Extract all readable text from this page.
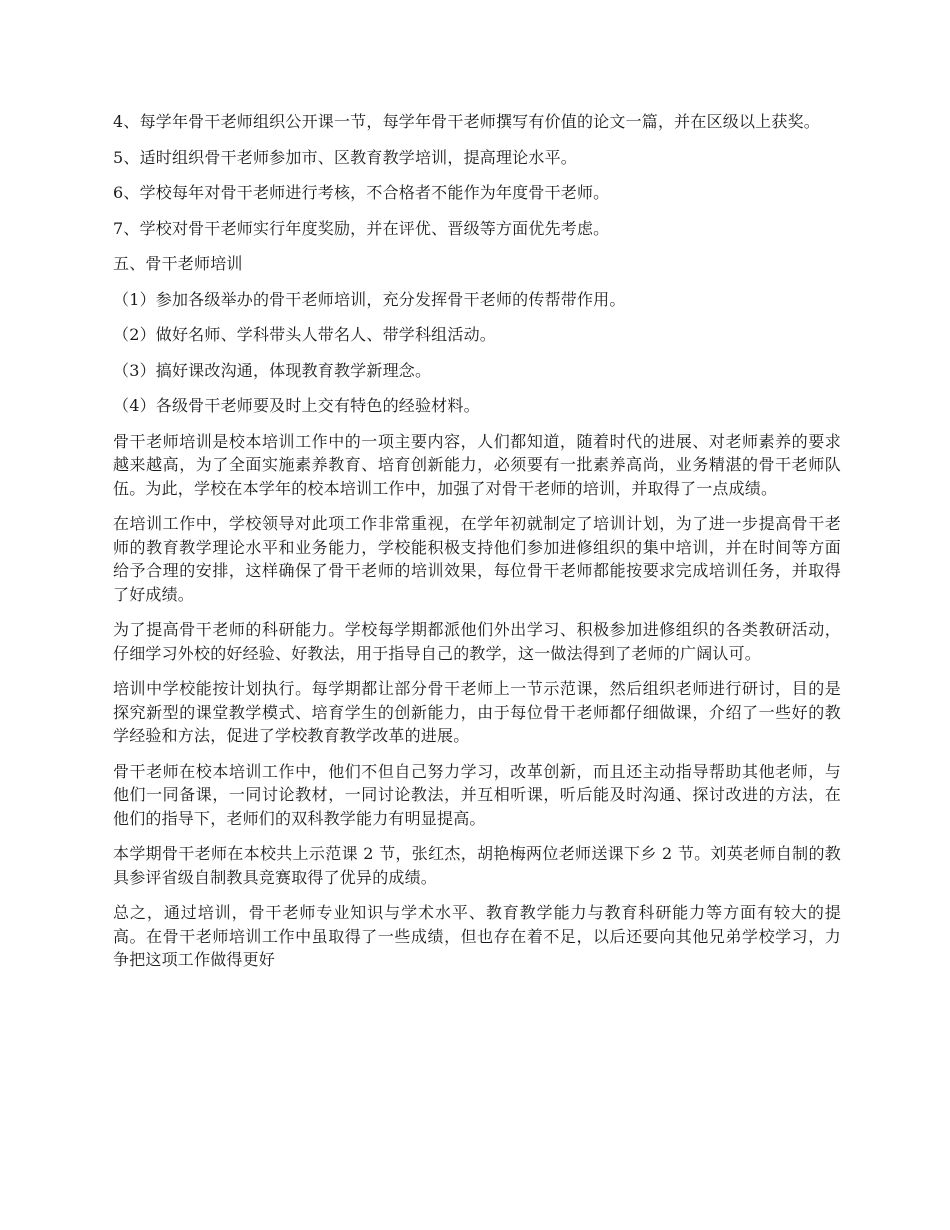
4、每学年骨干老师组织公开课一节，每学年骨干老师撰写有价值的论文一篇，并在区级以上获奖。

5、适时组织骨干老师参加市、区教育教学培训，提高理论水平。

6、学校每年对骨干老师进行考核，不合格者不能作为年度骨干老师。

7、学校对骨干老师实行年度奖励，并在评优、晋级等方面优先考虑。

五、骨干老师培训

（1）参加各级举办的骨干老师培训，充分发挥骨干老师的传帮带作用。

（2）做好名师、学科带头人带名人、带学科组活动。

（3）搞好课改沟通，体现教育教学新理念。

（4）各级骨干老师要及时上交有特色的经验材料。

骨干老师培训是校本培训工作中的一项主要内容，人们都知道，随着时代的进展、对老师素养的要求越来越高，为了全面实施素养教育、培育创新能力，必须要有一批素养高尚，业务精湛的骨干老师队伍。为此，学校在本学年的校本培训工作中，加强了对骨干老师的培训，并取得了一点成绩。

在培训工作中，学校领导对此项工作非常重视，在学年初就制定了培训计划，为了进一步提高骨干老师的教育教学理论水平和业务能力，学校能积极支持他们参加进修组织的集中培训，并在时间等方面给予合理的安排，这样确保了骨干老师的培训效果，每位骨干老师都能按要求完成培训任务，并取得了好成绩。

为了提高骨干老师的科研能力。学校每学期都派他们外出学习、积极参加进修组织的各类教研活动，仔细学习外校的好经验、好教法，用于指导自己的教学，这一做法得到了老师的广阔认可。

培训中学校能按计划执行。每学期都让部分骨干老师上一节示范课，然后组织老师进行研讨，目的是探究新型的课堂教学模式、培育学生的创新能力，由于每位骨干老师都仔细做课，介绍了一些好的教学经验和方法，促进了学校教育教学改革的进展。

骨干老师在校本培训工作中，他们不但自己努力学习，改革创新，而且还主动指导帮助其他老师，与他们一同备课，一同讨论教材，一同讨论教法，并互相听课，听后能及时沟通、探讨改进的方法，在他们的指导下，老师们的双科教学能力有明显提高。

本学期骨干老师在本校共上示范课 2 节，张红杰，胡艳梅两位老师送课下乡 2 节。刘英老师自制的教具参评省级自制教具竞赛取得了优异的成绩。

总之，通过培训，骨干老师专业知识与学术水平、教育教学能力与教育科研能力等方面有较大的提高。在骨干老师培训工作中虽取得了一些成绩，但也存在着不足，以后还要向其他兄弟学校学习，力争把这项工作做得更好
